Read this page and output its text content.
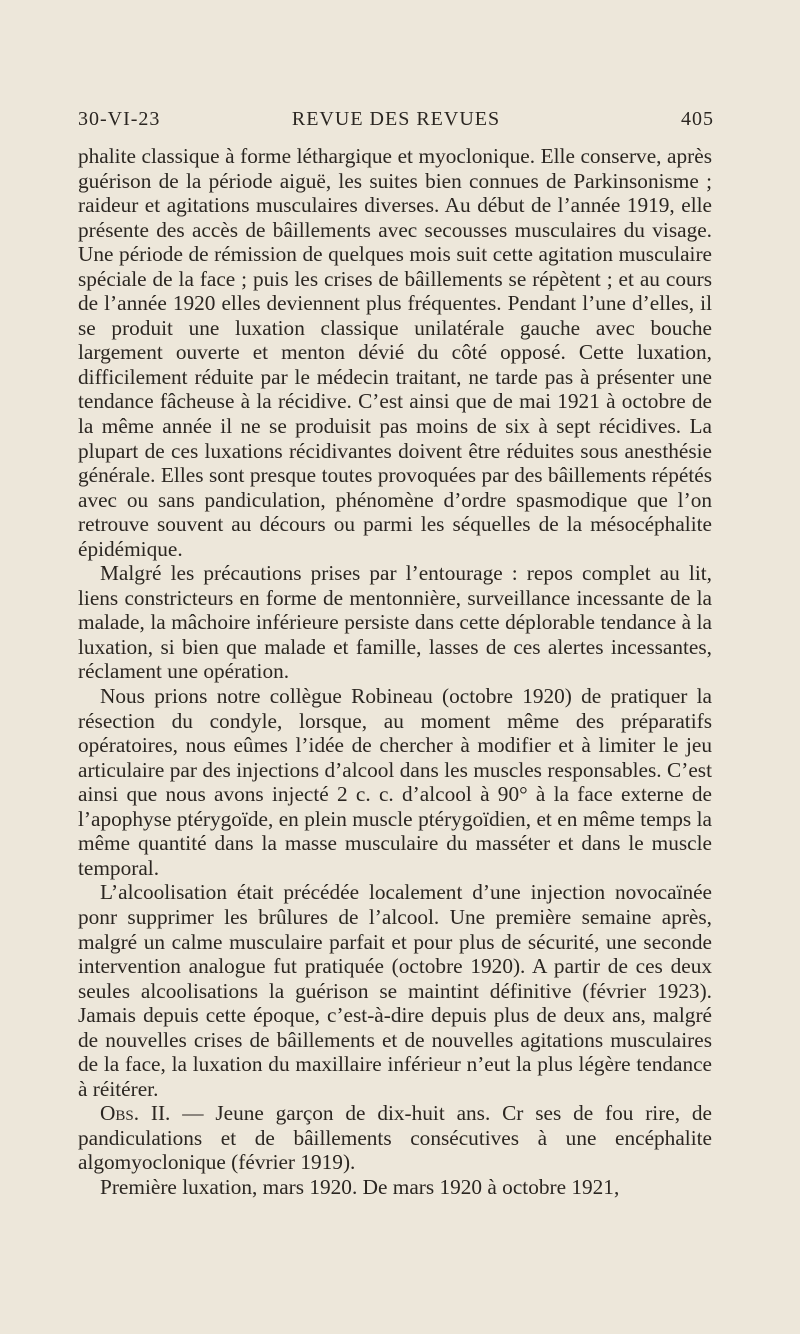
30-VI-23	REVUE DES REVUES	405

phalite classique à forme léthargique et myoclonique. Elle conserve, après guérison de la période aiguë, les suites bien connues de Parkinsonisme ; raideur et agitations musculaires diverses. Au début de l’année 1919, elle présente des accès de bâillements avec secousses musculaires du visage. Une période de rémission de quelques mois suit cette agitation musculaire spéciale de la face ; puis les crises de bâillements se répètent ; et au cours de l’année 1920 elles deviennent plus fréquentes. Pendant l’une d’elles, il se produit une luxation classique unilatérale gauche avec bouche largement ouverte et menton dévié du côté opposé. Cette luxation, difficilement réduite par le médecin traitant, ne tarde pas à présenter une tendance fâcheuse à la récidive. C’est ainsi que de mai 1921 à octobre de la même année il ne se produisit pas moins de six à sept récidives. La plupart de ces luxations récidivantes doivent être réduites sous anesthésie générale. Elles sont presque toutes provoquées par des bâillements répétés avec ou sans pandiculation, phénomène d’ordre spasmodique que l’on retrouve souvent au décours ou parmi les séquelles de la mésocéphalite épidémique.

Malgré les précautions prises par l’entourage : repos complet au lit, liens constricteurs en forme de mentonnière, surveillance incessante de la malade, la mâchoire inférieure persiste dans cette déplorable tendance à la luxation, si bien que malade et famille, lasses de ces alertes incessantes, réclament une opération.

Nous prions notre collègue Robineau (octobre 1920) de pratiquer la résection du condyle, lorsque, au moment même des préparatifs opératoires, nous eûmes l’idée de chercher à modifier et à limiter le jeu articulaire par des injections d’alcool dans les muscles responsables. C’est ainsi que nous avons injecté 2 c. c. d’alcool à 90° à la face externe de l’apophyse ptérygoïde, en plein muscle ptérygoïdien, et en même temps la même quantité dans la masse musculaire du masséter et dans le muscle temporal.

L’alcoolisation était précédée localement d’une injection novocaïnée ponr supprimer les brûlures de l’alcool. Une première semaine après, malgré un calme musculaire parfait et pour plus de sécurité, une seconde intervention analogue fut pratiquée (octobre 1920). A partir de ces deux seules alcoolisations la guérison se maintint définitive (février 1923). Jamais depuis cette époque, c’est-à-dire depuis plus de deux ans, malgré de nouvelles crises de bâillements et de nouvelles agitations musculaires de la face, la luxation du maxillaire inférieur n’eut la plus légère tendance à réitérer.

Obs. II. — Jeune garçon de dix-huit ans. Cr ses de fou rire, de pandiculations et de bâillements consécutives à une encéphalite algomyoclonique (février 1919).

Première luxation, mars 1920. De mars 1920 à octobre 1921,
